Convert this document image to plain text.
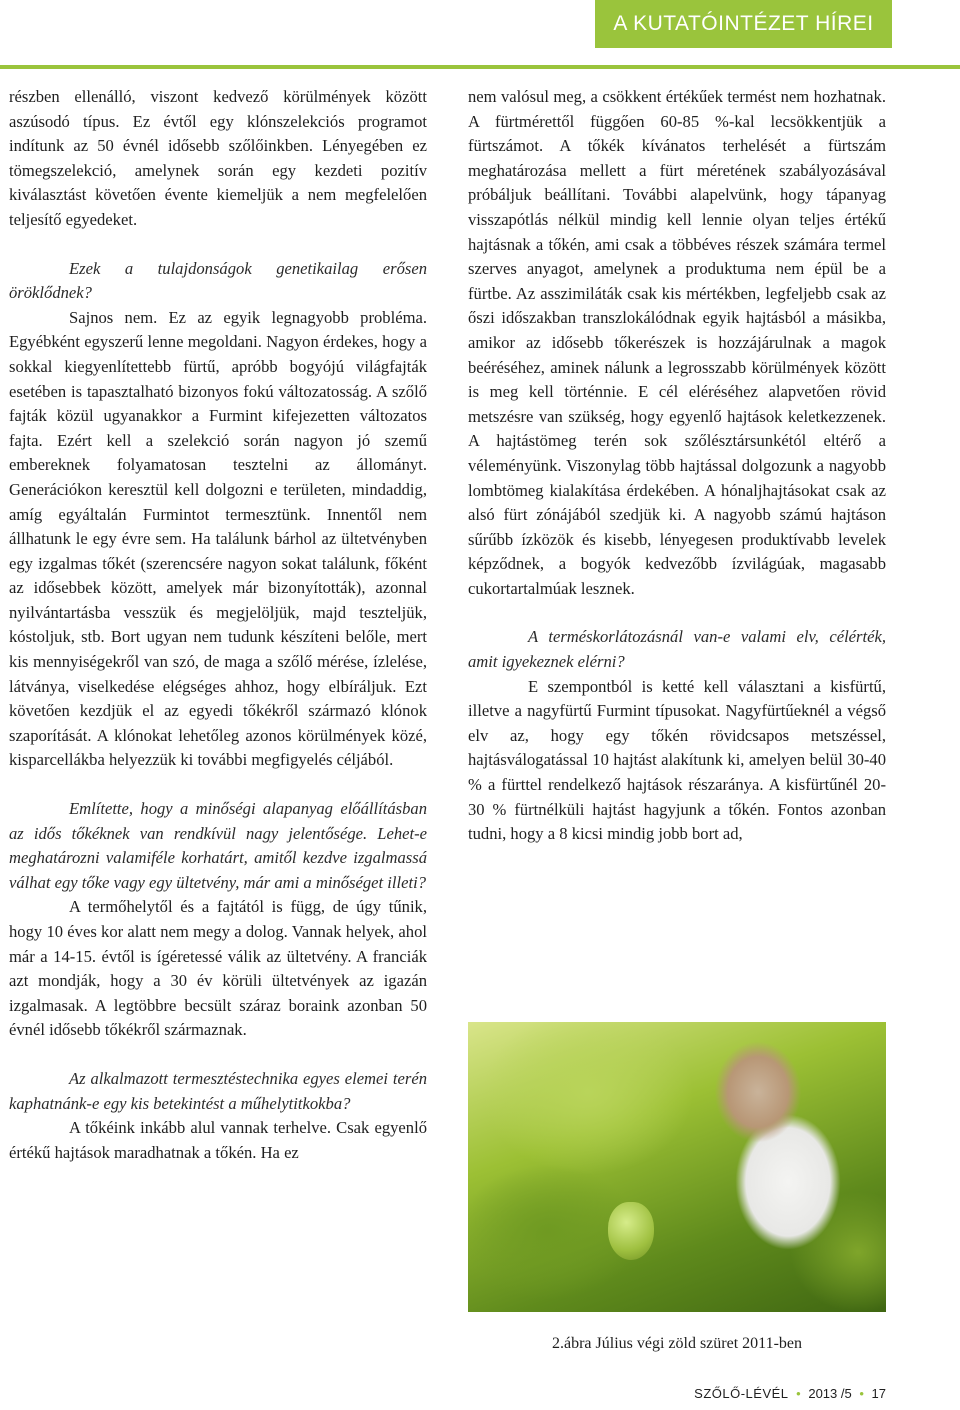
A KUTATÓINTÉZET HÍREI

részben ellenálló, viszont kedvező körülmények között aszúsodó típus. Ez évtől egy klónszelekciós programot indítunk az 50 évnél idősebb szőlőinkben. Lényegében ez tömegszelekció, amelynek során egy kezdeti pozitív kiválasztást követően évente kiemeljük a nem megfelelően teljesítő egyedeket.

Ezek a tulajdonságok genetikailag erősen öröklődnek?

Sajnos nem. Ez az egyik legnagyobb probléma. Egyébként egyszerű lenne megoldani. Nagyon érdekes, hogy a sokkal kiegyenlítettebb fürtű, apróbb bogyójú világfajták esetében is tapasztalható bizonyos fokú változatosság. A szőlő fajták közül ugyanakkor a Furmint kifejezetten változatos fajta. Ezért kell a szelekció során nagyon jó szemű embereknek folyamatosan tesztelni az állományt. Generációkon keresztül kell dolgozni e területen, mindaddig, amíg egyáltalán Furmintot termesztünk. Innentől nem állhatunk le egy évre sem. Ha találunk bárhol az ültetvényben egy izgalmas tőkét (szerencsére nagyon sokat találunk, főként az idősebbek között, amelyek már bizonyították), azonnal nyilvántartásba vesszük és megjelöljük, majd teszteljük, kóstoljuk, stb. Bort ugyan nem tudunk készíteni belőle, mert kis mennyiségekről van szó, de maga a szőlő mérése, ízlelése, látványa, viselkedése elégséges ahhoz, hogy elbíráljuk. Ezt követően kezdjük el az egyedi tőkékről származó klónok szaporítását. A klónokat lehetőleg azonos körülmények közé, kisparcellákba helyezzük ki további megfigyelés céljából.

Említette, hogy a minőségi alapanyag előállításban az idős tőkéknek van rendkívül nagy jelentősége. Lehet-e meghatározni valamiféle korhatárt, amitől kezdve izgalmassá válhat egy tőke vagy egy ültetvény, már ami a minőséget illeti?

A termőhelytől és a fajtától is függ, de úgy tűnik, hogy 10 éves kor alatt nem megy a dolog. Vannak helyek, ahol már a 14-15. évtől is ígéretessé válik az ültetvény. A franciák azt mondják, hogy a 30 év körüli ültetvények az igazán izgalmasak. A legtöbbre becsült száraz boraink azonban 50 évnél idősebb tőkékről származnak.

Az alkalmazott termesztéstechnika egyes elemei terén kaphatnánk-e egy kis betekintést a műhelytitkokba?

A tőkéink inkább alul vannak terhelve. Csak egyenlő értékű hajtások maradhatnak a tőkén. Ha ez

nem valósul meg, a csökkent értékűek termést nem hozhatnak. A fürtmérettől függően 60-85 %-kal lecsökkentjük a fürtszámot. A tőkék kívánatos terhelését a fürtszám meghatározása mellett a fürt méretének szabályozásával próbáljuk beállítani. További alapelvünk, hogy tápanyag visszapótlás nélkül mindig kell lennie olyan teljes értékű hajtásnak a tőkén, ami csak a többéves részek számára termel szerves anyagot, amelynek a produktuma nem épül be a fürtbe. Az asszimiláták csak kis mértékben, legfeljebb csak az őszi időszakban transzlokálódnak egyik hajtásból a másikba, amikor az idősebb tőkerészek is hozzájárulnak a magok beéréséhez, aminek nálunk a legrosszabb körülmények között is meg kell történnie. E cél eléréséhez alapvetően rövid metszésre van szükség, hogy egyenlő hajtások keletkezzenek. A hajtástömeg terén sok szőlésztársunkétól eltérő a véleményünk. Viszonylag több hajtással dolgozunk a nagyobb lombtömeg kialakítása érdekében. A hónaljhajtásokat csak az alsó fürt zónájából szedjük ki. A nagyobb számú hajtáson sűrűbb ízközök és kisebb, lényegesen produktívabb levelek képződnek, a bogyók kedvezőbb ízvilágúak, magasabb cukortartalmúak lesznek.

A terméskorlátozásnál van-e valami elv, célérték, amit igyekeznek elérni?

E szempontból is ketté kell választani a kisfürtű, illetve a nagyfürtű Furmint típusokat. Nagyfürtűeknél a végső elv az, hogy egy tőkén rövidcsapos metszéssel, hajtásválogatással 10 hajtást alakítunk ki, amelyen belül 30-40 % a fürttel rendelkező hajtások részaránya. A kisfürtűnél 20-30 % fürtnélküli hajtást hagyjunk a tőkén. Fontos azonban tudni, hogy a 8 kicsi mindig jobb bort ad,

2.ábra Július végi zöld szüret 2011-ben
SZŐLŐ-LÉVÉL • 2013 /5 • 17
